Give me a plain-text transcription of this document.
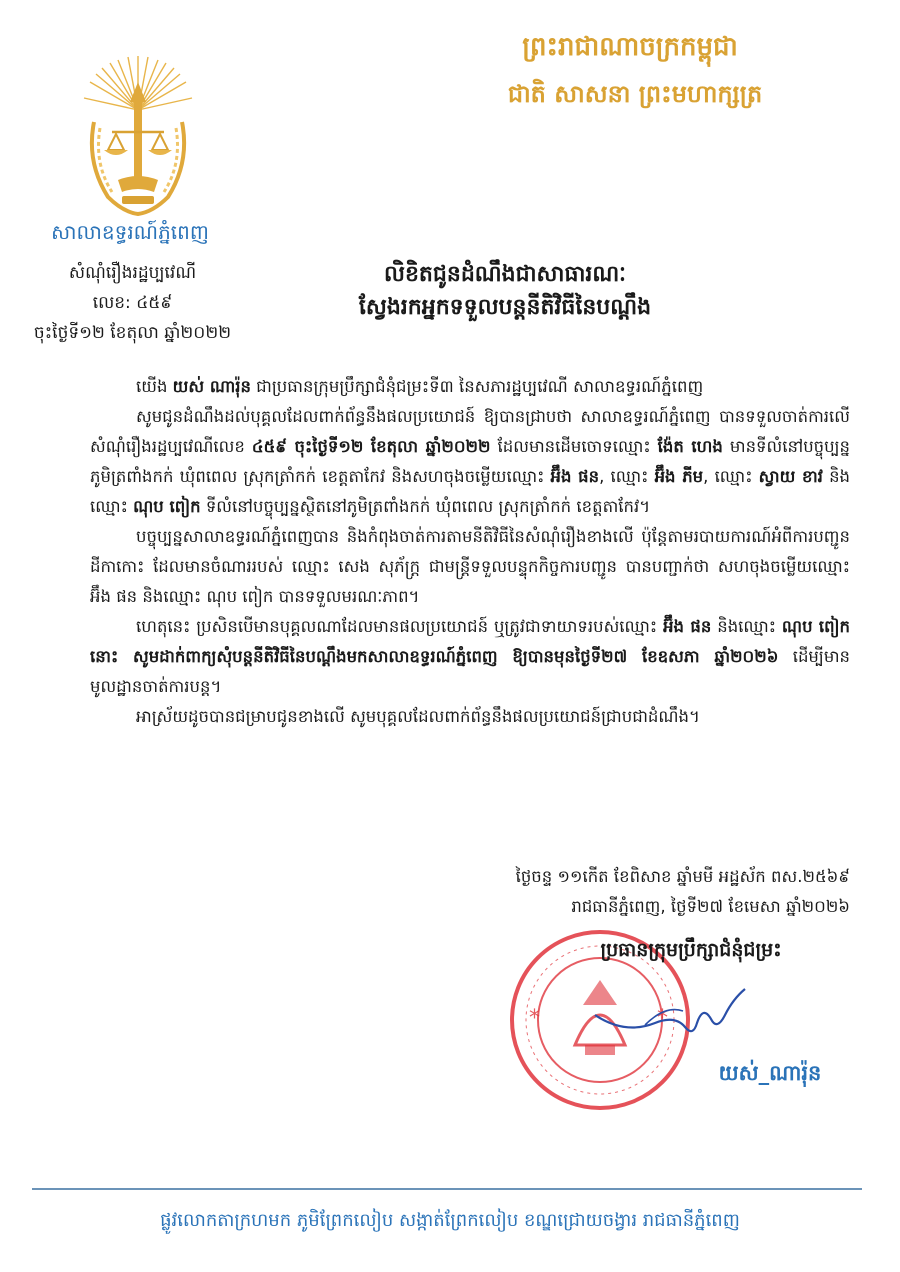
ព្រះរាជាណាចក្រកម្ពុជា
ជាតិ សាសនា ព្រះមហាក្សត្រ
សាលាឧទ្ធរណ៍ភ្នំពេញ
សំណុំរឿងរដ្ឋប្បវេណី
លេខ: ៤៥៩
ចុះថ្ងៃទី១២ ខែតុលា ឆ្នាំ២០២២
លិខិតជូនដំណឹងជាសាធារណៈ
ស្វែងរកអ្នកទទួលបន្តនីតិវិធីនៃបណ្តឹង

យើង យស់ ណារ៉ុន ជាប្រធានក្រុមប្រឹក្សាជំនុំជម្រះទី៣ នៃសភារដ្ឋប្បវេណី សាលាឧទ្ធរណ៍ភ្នំពេញ

សូមជូនដំណឹងដល់បុគ្គលដែលពាក់ព័ន្ធនឹងផលប្រយោជន៍ ឱ្យបានជ្រាបថា សាលាឧទ្ធរណ៍ភ្នំពេញ បានទទួលចាត់ការលើសំណុំរឿងរដ្ឋប្បវេណីលេខ ៤៥៩ ចុះថ្ងៃទី១២ ខែតុលា ឆ្នាំ២០២២ ដែលមានដើមចោទឈ្មោះ ង៉ែត ហេង មានទីលំនៅបច្ចុប្បន្នភូមិត្រពាំងកក់ ឃុំពពេល ស្រុកត្រាំកក់ ខេត្តតាកែវ និងសហចុងចម្លើយឈ្មោះ អ៊ឹង ផន, ឈ្មោះ អ៊ឹង ភីម, ឈ្មោះ ស្វាយ ខាវ និងឈ្មោះ ណុប ពៀក ទីលំនៅបច្ចុប្បន្នស្ថិតនៅភូមិត្រពាំងកក់ ឃុំពពេល ស្រុកត្រាំកក់ ខេត្តតាកែវ។

បច្ចុប្បន្នសាលាឧទ្ធរណ៍ភ្នំពេញបាន និងកំពុងចាត់ការតាមនីតិវិធីនៃសំណុំរឿងខាងលើ ប៉ុន្តែតាមរបាយការណ៍អំពីការបញ្ជូនដីកាកោះ ដែលមានចំណាររបស់ ឈ្មោះ សេង សុភ័ក្ត្រ ជាមន្ត្រីទទួលបន្ទុកកិច្ចការបញ្ជូន បានបញ្ជាក់ថា សហចុងចម្លើយឈ្មោះ អ៊ឹង ផន និងឈ្មោះ ណុប ពៀក បានទទួលមរណៈភាព។

ហេតុនេះ ប្រសិនបើមានបុគ្គលណាដែលមានផលប្រយោជន៍ ឬត្រូវជាទាយាទរបស់ឈ្មោះ អ៊ឹង ផន និងឈ្មោះ ណុប ពៀក នោះ សូមដាក់ពាក្យសុំបន្តនីតិវិធីនៃបណ្តឹងមកសាលាឧទ្ធរណ៍ភ្នំពេញ ឱ្យបានមុនថ្ងៃទី២៧ ខែឧសភា ឆ្នាំ២០២៦ ដើម្បីមានមូលដ្ឋានចាត់ការបន្ត។

អាស្រ័យដូចបានជម្រាបជូនខាងលើ សូមបុគ្គលដែលពាក់ព័ន្ធនឹងផលប្រយោជន៍ជ្រាបជាដំណឹង។

ថ្ងៃចន្ទ ១១កើត ខែពិសាខ ឆ្នាំមមី អដ្ឋស័ក ពស.២៥៦៩
រាជធានីភ្នំពេញ, ថ្ងៃទី២៧ ខែមេសា ឆ្នាំ២០២៦
*	*
ប្រធានក្រុមប្រឹក្សាជំនុំជម្រះ
យស់_ណារ៉ុន
ផ្លូវលោកតាក្រហមក ភូមិព្រែកលៀប សង្កាត់ព្រែកលៀប ខណ្ឌជ្រោយចង្វារ រាជធានីភ្នំពេញ
